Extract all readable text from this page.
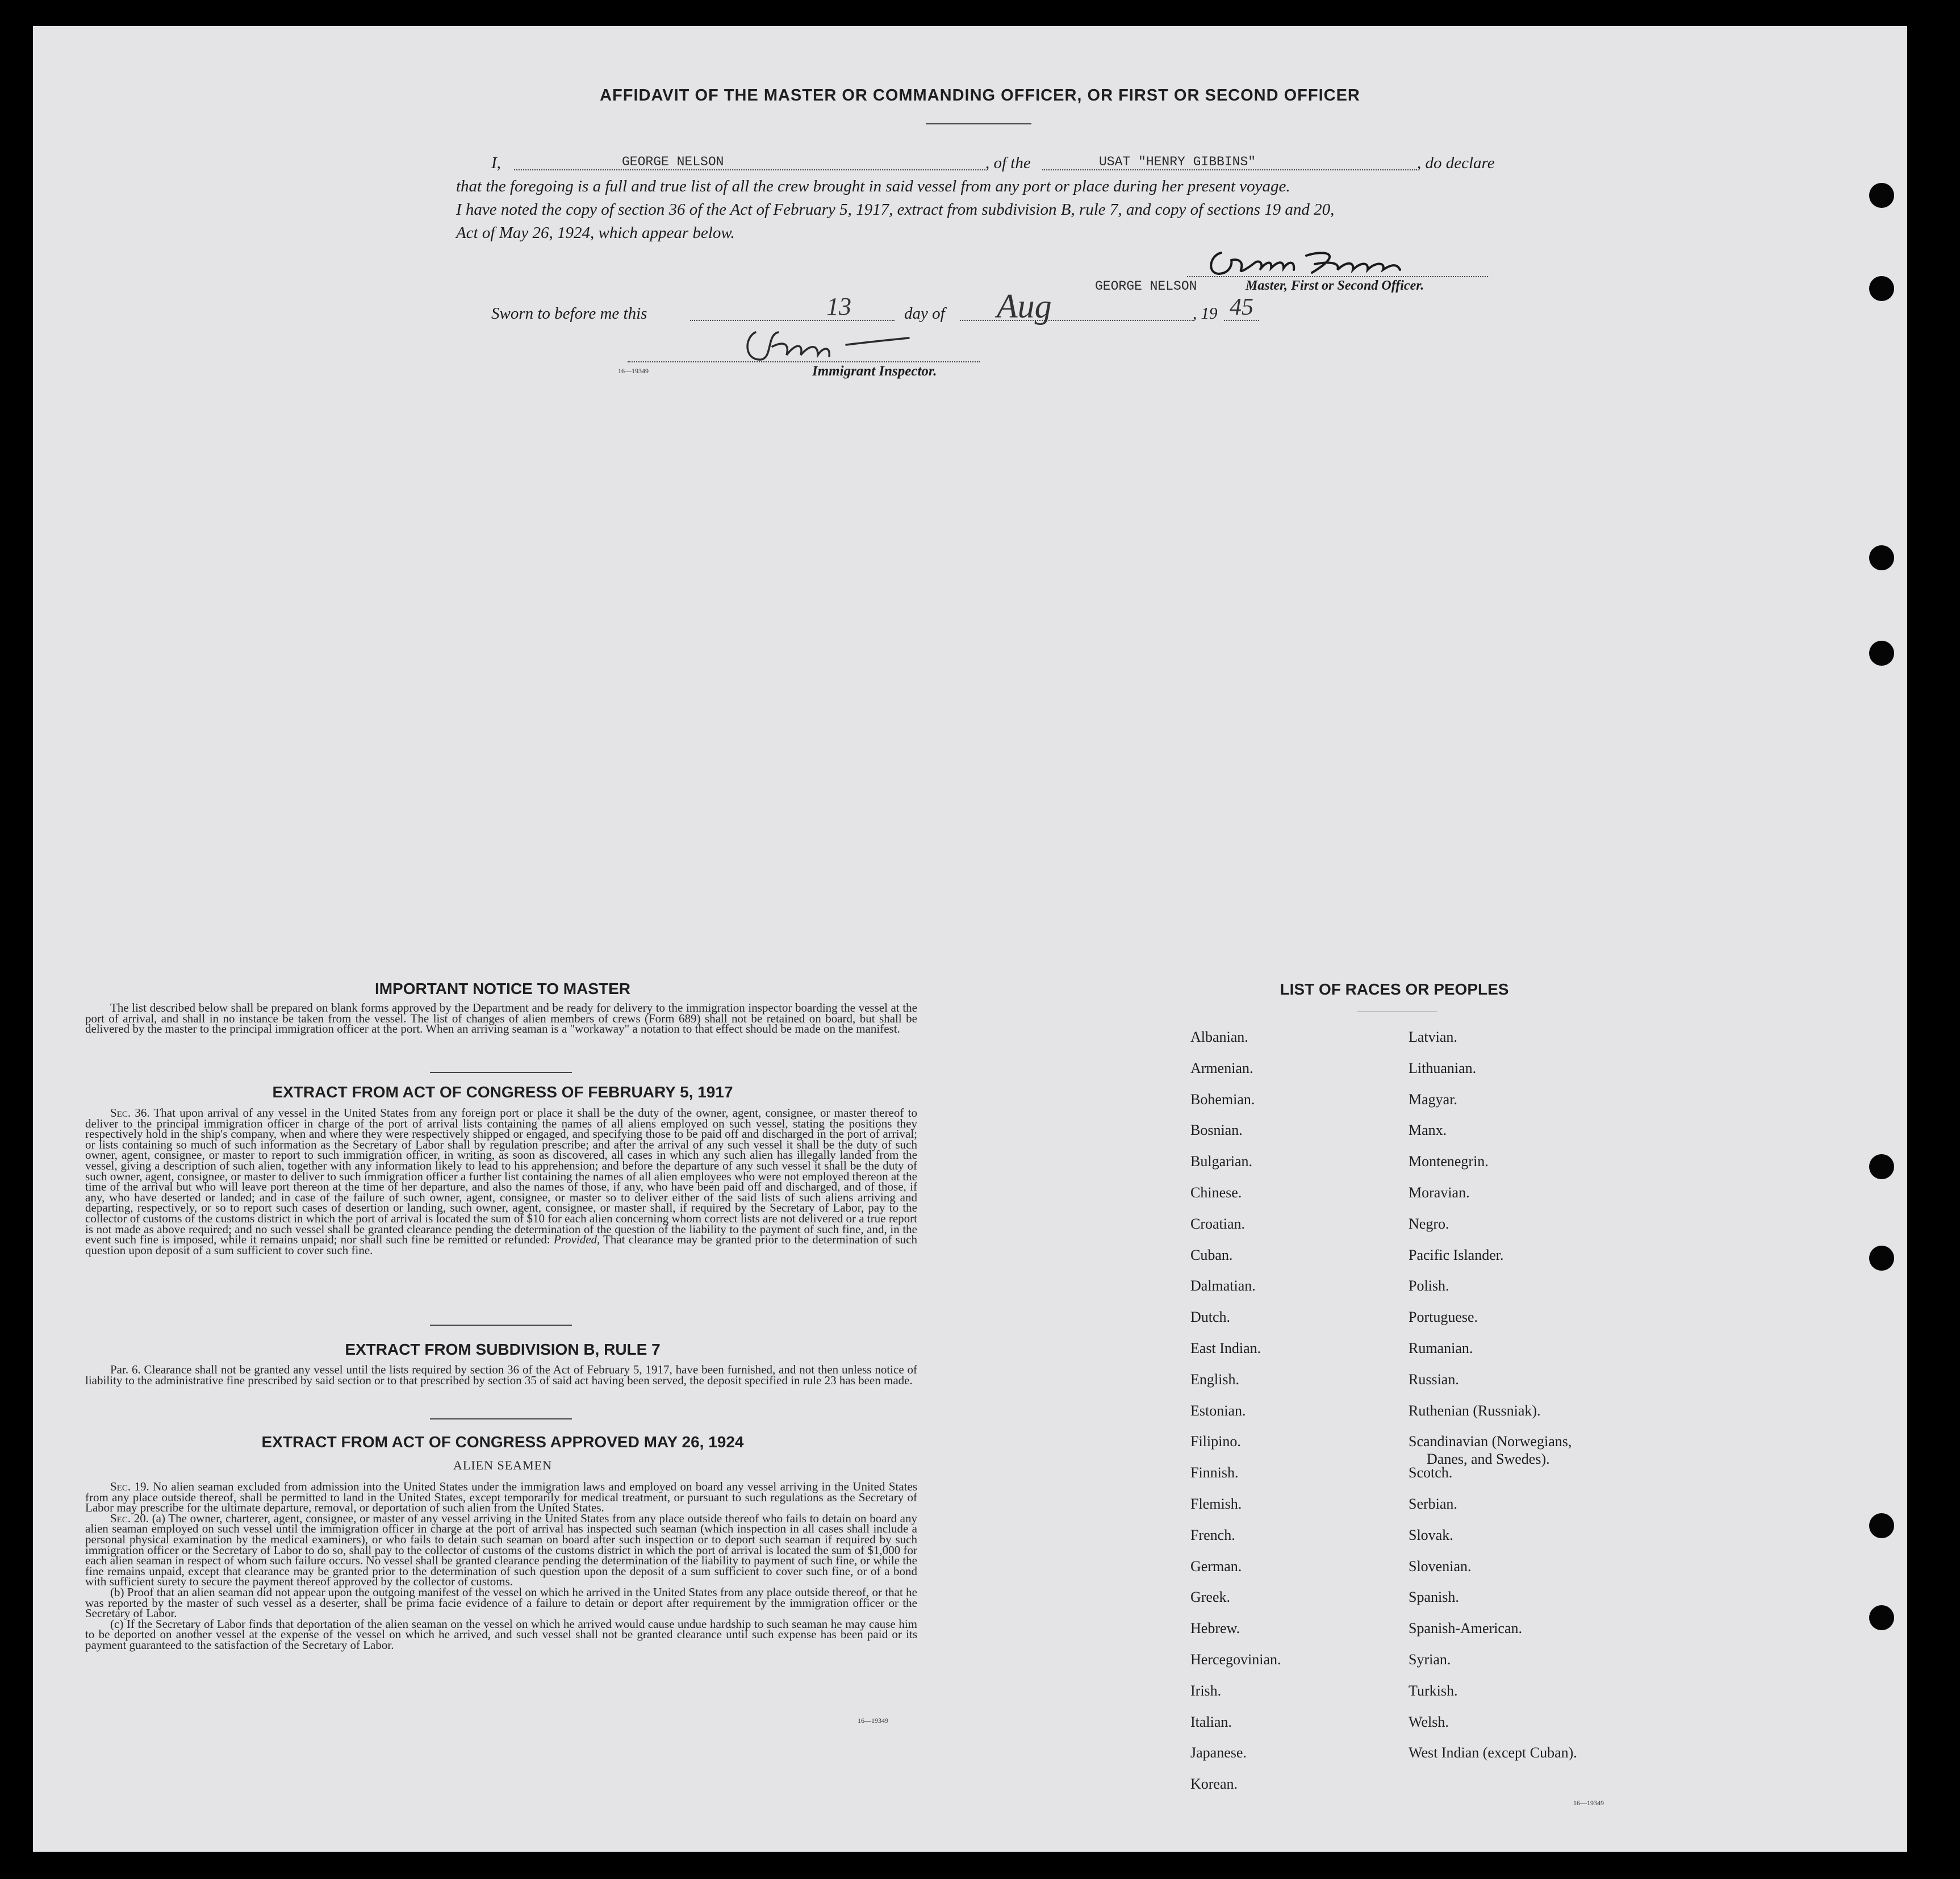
AFFIDAVIT OF THE MASTER OR COMMANDING OFFICER, OR FIRST OR SECOND OFFICER
I,	GEORGE NELSON	, of the	USAT "HENRY GIBBINS"	, do declare
that the foregoing is a full and true list of all the crew brought in said vessel from any port or place during her present voyage.
I have noted the copy of section 36 of the Act of February 5, 1917, extract from subdivision B, rule 7, and copy of sections 19 and 20,
Act of May 26, 1924, which appear below.
GEORGE NELSON	Master, First or Second Officer.
Sworn to before me this	13	day of Aug	, 19 45
16—19349	Immigrant Inspector.
IMPORTANT NOTICE TO MASTER
The list described below shall be prepared on blank forms approved by the Department and be ready for delivery to the immigration inspector boarding the vessel at the port of arrival, and shall in no instance be taken from the vessel. The list of changes of alien members of crews (Form 689) shall not be retained on board, but shall be delivered by the master to the principal immigration officer at the port. When an arriving seaman is a "workaway" a notation to that effect should be made on the manifest.
EXTRACT FROM ACT OF CONGRESS OF FEBRUARY 5, 1917
Sec. 36. That upon arrival of any vessel in the United States from any foreign port or place it shall be the duty of the owner, agent, consignee, or master thereof to deliver to the principal immigration officer in charge of the port of arrival lists containing the names of all aliens employed on such vessel, stating the positions they respectively hold in the ship's company, when and where they were respectively shipped or engaged, and specifying those to be paid off and discharged in the port of arrival; or lists containing so much of such information as the Secretary of Labor shall by regulation prescribe; and after the arrival of any such vessel it shall be the duty of such owner, agent, consignee, or master to report to such immigration officer, in writing, as soon as discovered, all cases in which any such alien has illegally landed from the vessel, giving a description of such alien, together with any information likely to lead to his apprehension; and before the departure of any such vessel it shall be the duty of such owner, agent, consignee, or master to deliver to such immigration officer a further list containing the names of all alien employees who were not employed thereon at the time of the arrival but who will leave port thereon at the time of her departure, and also the names of those, if any, who have been paid off and discharged, and of those, if any, who have deserted or landed; and in case of the failure of such owner, agent, consignee, or master so to deliver either of the said lists of such aliens arriving and departing, respectively, or so to report such cases of desertion or landing, such owner, agent, consignee, or master shall, if required by the Secretary of Labor, pay to the collector of customs of the customs district in which the port of arrival is located the sum of $10 for each alien concerning whom correct lists are not delivered or a true report is not made as above required; and no such vessel shall be granted clearance pending the determination of the question of the liability to the payment of such fine, and, in the event such fine is imposed, while it remains unpaid; nor shall such fine be remitted or refunded: Provided, That clearance may be granted prior to the determination of such question upon deposit of a sum sufficient to cover such fine.
EXTRACT FROM SUBDIVISION B, RULE 7
Par. 6. Clearance shall not be granted any vessel until the lists required by section 36 of the Act of February 5, 1917, have been furnished, and not then unless notice of liability to the administrative fine prescribed by said section or to that prescribed by section 35 of said act having been served, the deposit specified in rule 23 has been made.
EXTRACT FROM ACT OF CONGRESS APPROVED MAY 26, 1924
ALIEN SEAMEN
Sec. 19. No alien seaman excluded from admission into the United States under the immigration laws and employed on board any vessel arriving in the United States from any place outside thereof, shall be permitted to land in the United States, except temporarily for medical treatment, or pursuant to such regulations as the Secretary of Labor may prescribe for the ultimate departure, removal, or deportation of such alien from the United States.
Sec. 20. (a) The owner, charterer, agent, consignee, or master of any vessel arriving in the United States from any place outside thereof who fails to detain on board any alien seaman employed on such vessel until the immigration officer in charge at the port of arrival has inspected such seaman (which inspection in all cases shall include a personal physical examination by the medical examiners), or who fails to detain such seaman on board after such inspection or to deport such seaman if required by such immigration officer or the Secretary of Labor to do so, shall pay to the collector of customs of the customs district in which the port of arrival is located the sum of $1,000 for each alien seaman in respect of whom such failure occurs. No vessel shall be granted clearance pending the determination of the liability to payment of such fine, or while the fine remains unpaid, except that clearance may be granted prior to the determination of such question upon the deposit of a sum sufficient to cover such fine, or of a bond with sufficient surety to secure the payment thereof approved by the collector of customs.
(b) Proof that an alien seaman did not appear upon the outgoing manifest of the vessel on which he arrived in the United States from any place outside thereof, or that he was reported by the master of such vessel as a deserter, shall be prima facie evidence of a failure to detain or deport after requirement by the immigration officer or the Secretary of Labor.
(c) If the Secretary of Labor finds that deportation of the alien seaman on the vessel on which he arrived would cause undue hardship to such seaman he may cause him to be deported on another vessel at the expense of the vessel on which he arrived, and such vessel shall not be granted clearance until such expense has been paid or its payment guaranteed to the satisfaction of the Secretary of Labor.
16—19349
LIST OF RACES OR PEOPLES
Albanian.
Armenian.
Bohemian.
Bosnian.
Bulgarian.
Chinese.
Croatian.
Cuban.
Dalmatian.
Dutch.
East Indian.
English.
Estonian.
Filipino.
Finnish.
Flemish.
French.
German.
Greek.
Hebrew.
Hercegovinian.
Irish.
Italian.
Japanese.
Korean.
Latvian.
Lithuanian.
Magyar.
Manx.
Montenegrin.
Moravian.
Negro.
Pacific Islander.
Polish.
Portuguese.
Rumanian.
Russian.
Ruthenian (Russniak).
Scandinavian (Norwegians,
Danes, and Swedes).
Scotch.
Serbian.
Slovak.
Slovenian.
Spanish.
Spanish-American.
Syrian.
Turkish.
Welsh.
West Indian (except Cuban).
16—19349
